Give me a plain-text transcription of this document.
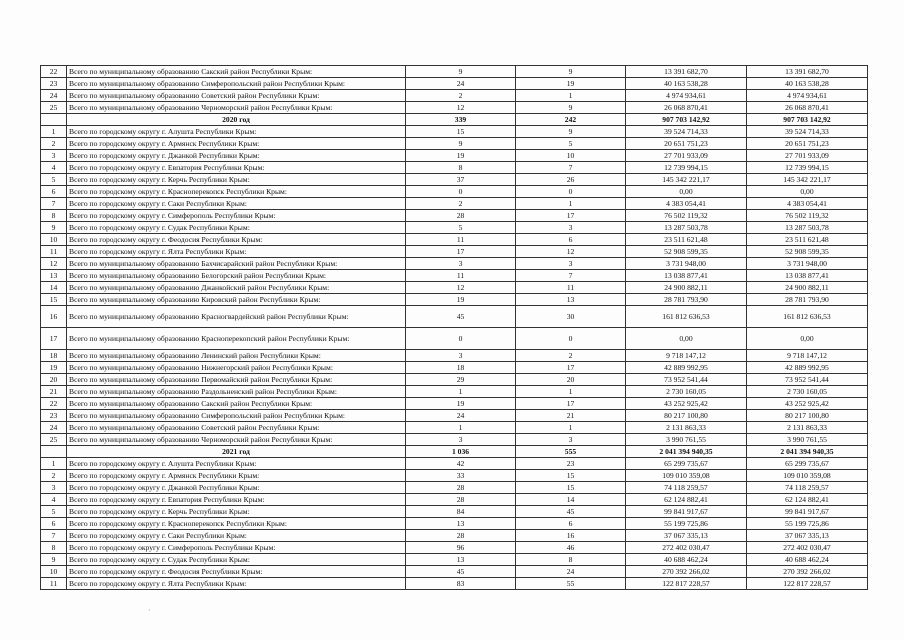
22	Всего по муниципальному образованию Сакский район Республики Крым:	9	9	13 391 682,70	13 391 682,70
23	Всего по муниципальному образованию Симферопольский район Республики Крым:	24	19	40 163 538,28	40 163 538,28
24	Всего по муниципальному образованию Советский район Республики Крым:	2	1	4 974 934,61	4 974 934,61
25	Всего по муниципальному образованию Черноморский район Республики Крым:	12	9	26 068 870,41	26 068 870,41
	2020 год	339	242	907 703 142,92	907 703 142,92
1	Всего по городскому округу г. Алушта Республики Крым:	15	9	39 524 714,33	39 524 714,33
2	Всего по городскому округу г. Армянск Республики Крым:	9	5	20 651 751,23	20 651 751,23
3	Всего по городскому округу г. Джанкой Республики Крым:	19	10	27 701 933,09	27 701 933,09
4	Всего по городскому округу г. Евпатория Республики Крым:	8	7	12 739 994,15	12 739 994,15
5	Всего по городскому округу г. Керчь Республики Крым:	37	26	145 342 221,17	145 342 221,17
6	Всего по городскому округу г. Красноперекопск Республики Крым:	0	0	0,00	0,00
7	Всего по городскому округу г. Саки Республики Крым:	2	1	4 383 054,41	4 383 054,41
8	Всего по городскому округу г. Симферополь Республики Крым:	28	17	76 502 119,32	76 502 119,32
9	Всего по городскому округу г. Судак Республики Крым:	5	3	13 287 503,78	13 287 503,78
10	Всего по городскому округу г. Феодосия Республики Крым:	11	6	23 511 621,48	23 511 621,48
11	Всего по городскому округу г. Ялта Республики Крым:	17	12	52 908 599,35	52 908 599,35
12	Всего по муниципальному образованию Бахчисарайский район Республики Крым:	3	3	3 731 948,00	3 731 948,00
13	Всего по муниципальному образованию Белогорский район Республики Крым:	11	7	13 038 877,41	13 038 877,41
14	Всего по муниципальному образованию Джанкойский район Республики Крым:	12	11	24 900 882,11	24 900 882,11
15	Всего по муниципальному образованию Кировский район Республики Крым:	19	13	28 781 793,90	28 781 793,90
16	Всего по муниципальному образованию Красногвардейский район Республики Крым:	45	30	161 812 636,53	161 812 636,53
17	Всего по муниципальному образованию Красноперекопский район Республики Крым:	0	0	0,00	0,00
18	Всего по муниципальному образованию Ленинский район Республики Крым:	3	2	9 718 147,12	9 718 147,12
19	Всего по муниципальному образованию Нижнегорский район Республики Крым:	18	17	42 889 992,95	42 889 992,95
20	Всего по муниципальному образованию Первомайский район Республики Крым:	29	20	73 952 541,44	73 952 541,44
21	Всего по муниципальному образованию Раздольненский район Республики Крым:	1	1	2 730 160,05	2 730 160,05
22	Всего по муниципальному образованию Сакский район Республики Крым:	19	17	43 252 925,42	43 252 925,42
23	Всего по муниципальному образованию Симферопольский район Республики Крым:	24	21	80 217 100,80	80 217 100,80
24	Всего по муниципальному образованию Советский район Республики Крым:	1	1	2 131 863,33	2 131 863,33
25	Всего по муниципальному образованию Черноморский район Республики Крым:	3	3	3 990 761,55	3 990 761,55
	2021 год	1 036	555	2 041 394 940,35	2 041 394 940,35
1	Всего по городскому округу г. Алушта Республики Крым:	42	23	65 299 735,67	65 299 735,67
2	Всего по городскому округу г. Армянск Республики Крым:	33	15	109 010 359,08	109 010 359,08
3	Всего по городскому округу г. Джанкой Республики Крым:	28	15	74 118 259,57	74 118 259,57
4	Всего по городскому округу г. Евпатория Республики Крым:	28	14	62 124 882,41	62 124 882,41
5	Всего по городскому округу г. Керчь Республики Крым:	84	45	99 841 917,67	99 841 917,67
6	Всего по городскому округу г. Красноперекопск Республики Крым:	13	6	55 199 725,86	55 199 725,86
7	Всего по городскому округу г. Саки Республики Крым:	28	16	37 067 335,13	37 067 335,13
8	Всего по городскому округу г. Симферополь Республики Крым:	96	46	272 402 030,47	272 402 030,47
9	Всего по городскому округу г. Судак Республики Крым:	13	8	40 688 462,24	40 688 462,24
10	Всего по городскому округу г. Феодосия Республики Крым:	45	24	270 392 266,02	270 392 266,02
11	Всего по городскому округу г. Ялта Республики Крым:	83	55	122 817 228,57	122 817 228,57
·
